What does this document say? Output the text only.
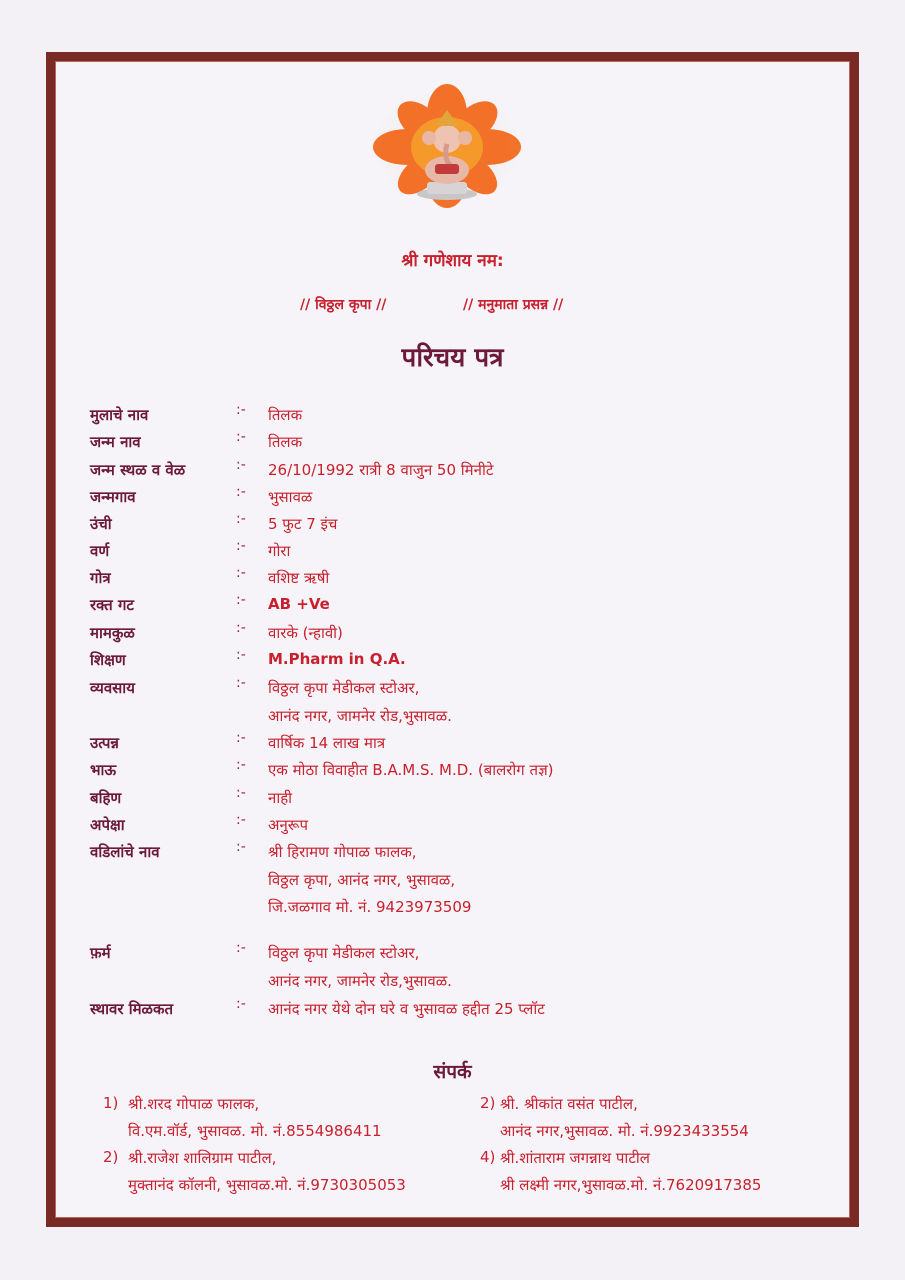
श्री गणेशाय नम:
// विठ्ठल कृपा //	// मनुमाता प्रसन्न //
परिचय पत्र
मुलाचे नाव	:- तिलक
जन्म नाव	:- तिलक
जन्म स्थळ व वेळ	:- 26/10/1992 रात्री 8 वाजुन 50 मिनीटे
जन्मगाव	:- भुसावळ
उंची	:- 5 फुट 7 इंच
वर्ण	:- गोरा
गोत्र	:- वशिष्ट ऋषी
रक्त गट	:- AB +Ve
मामकुळ	:- वारके (न्हावी)
शिक्षण	:- M.Pharm in Q.A.
व्यवसाय	:- विठ्ठल कृपा मेडीकल स्टोअर,
आनंद नगर, जामनेर रोड,भुसावळ.
उत्पन्न	:- वार्षिक 14 लाख मात्र
भाऊ	:- एक मोठा विवाहीत B.A.M.S. M.D. (बालरोग तज्ञ)
बहिण	:- नाही
अपेक्षा	:- अनुरूप
वडिलांचे नाव	:- श्री हिरामण गोपाळ फालक,
विठ्ठल कृपा, आनंद नगर, भुसावळ,
जि.जळगाव मो. नं. 9423973509
फ़र्म	:- विठ्ठल कृपा मेडीकल स्टोअर,
आनंद नगर, जामनेर रोड,भुसावळ.
स्थावर मिळकत	:- आनंद नगर येथे दोन घरे व भुसावळ हद्दीत 25 प्लॉट
संपर्क
1) श्री.शरद गोपाळ फालक,
वि.एम.वॉर्ड, भुसावळ. मो. नं.8554986411
2) श्री.राजेश शालिग्राम पाटील,
मुक्तानंद कॉलनी, भुसावळ.मो. नं.9730305053
2) श्री. श्रीकांत वसंत पाटील,
आनंद नगर,भुसावळ. मो. नं.9923433554
4) श्री.शांताराम जगन्नाथ पाटील
श्री लक्ष्मी नगर,भुसावळ.मो. नं.7620917385
